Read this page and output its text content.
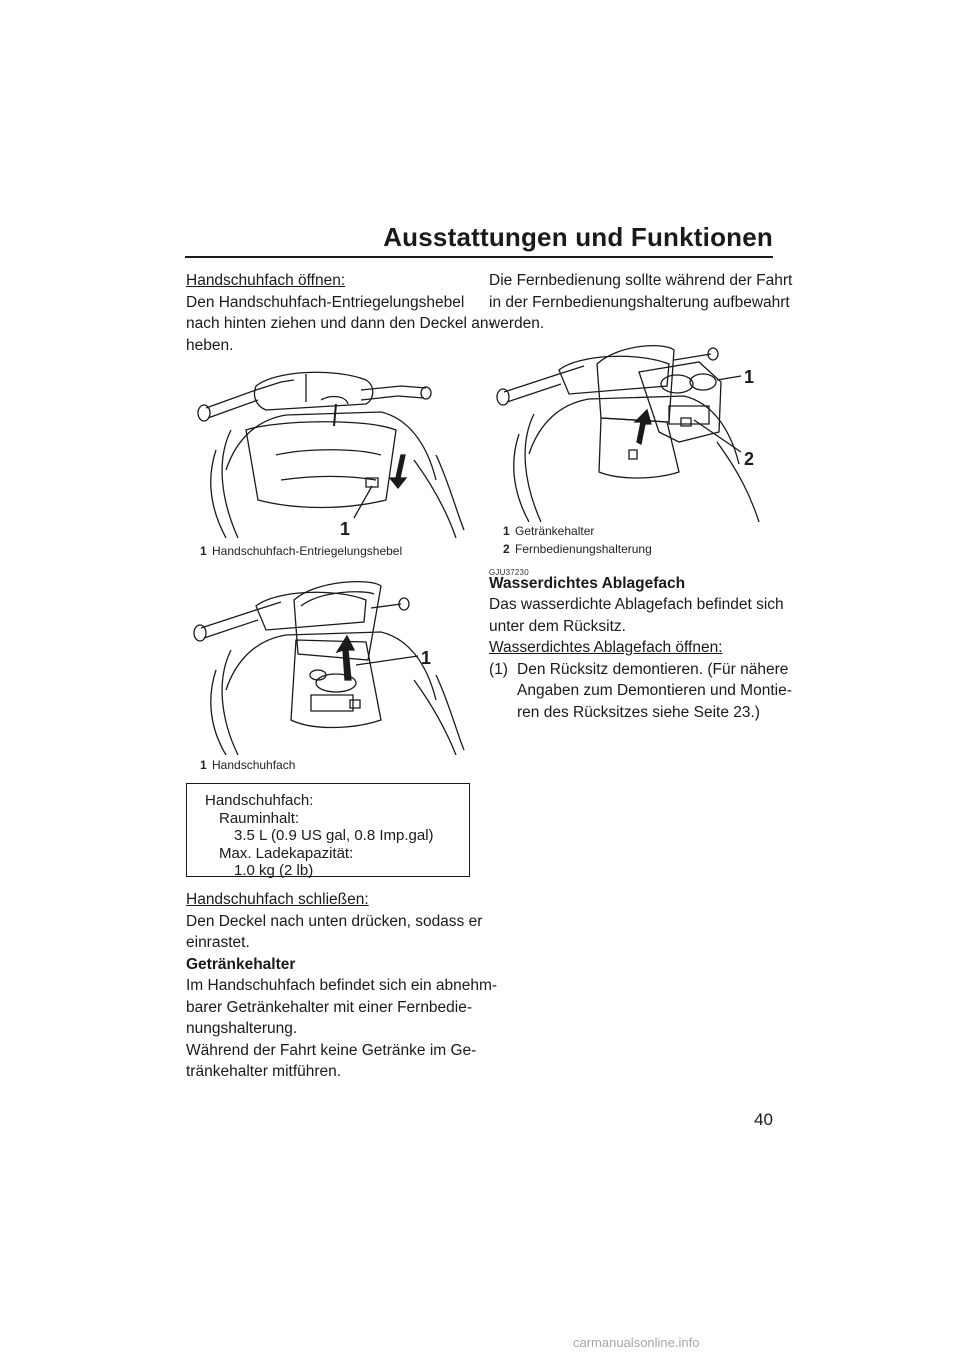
Ausstattungen und Funktionen
Handschuhfach öffnen:
Den Handschuhfach-Entriegelungshebel
nach hinten ziehen und dann den Deckel an-
heben.
1
1 Handschuhfach-Entriegelungshebel
1
1 Handschuhfach
Handschuhfach:
Rauminhalt:
3.5 L (0.9 US gal, 0.8 Imp.gal)
Max. Ladekapazität:
1.0 kg (2 lb)
Handschuhfach schließen:
Den Deckel nach unten drücken, sodass er
einrastet.
Getränkehalter
Im Handschuhfach befindet sich ein abnehm-
barer Getränkehalter mit einer Fernbedie-
nungshalterung.
Während der Fahrt keine Getränke im Ge-
tränkehalter mitführen.
Die Fernbedienung sollte während der Fahrt
in der Fernbedienungshalterung aufbewahrt
werden.
1
2
1 Getränkehalter
2 Fernbedienungshalterung
GJU37230
Wasserdichtes Ablagefach
Das wasserdichte Ablagefach befindet sich
unter dem Rücksitz.
Wasserdichtes Ablagefach öffnen:
(1) Den Rücksitz demontieren. (Für nähere
Angaben zum Demontieren und Montie-
ren des Rücksitzes siehe Seite 23.)
40
carmanualsonline.info
